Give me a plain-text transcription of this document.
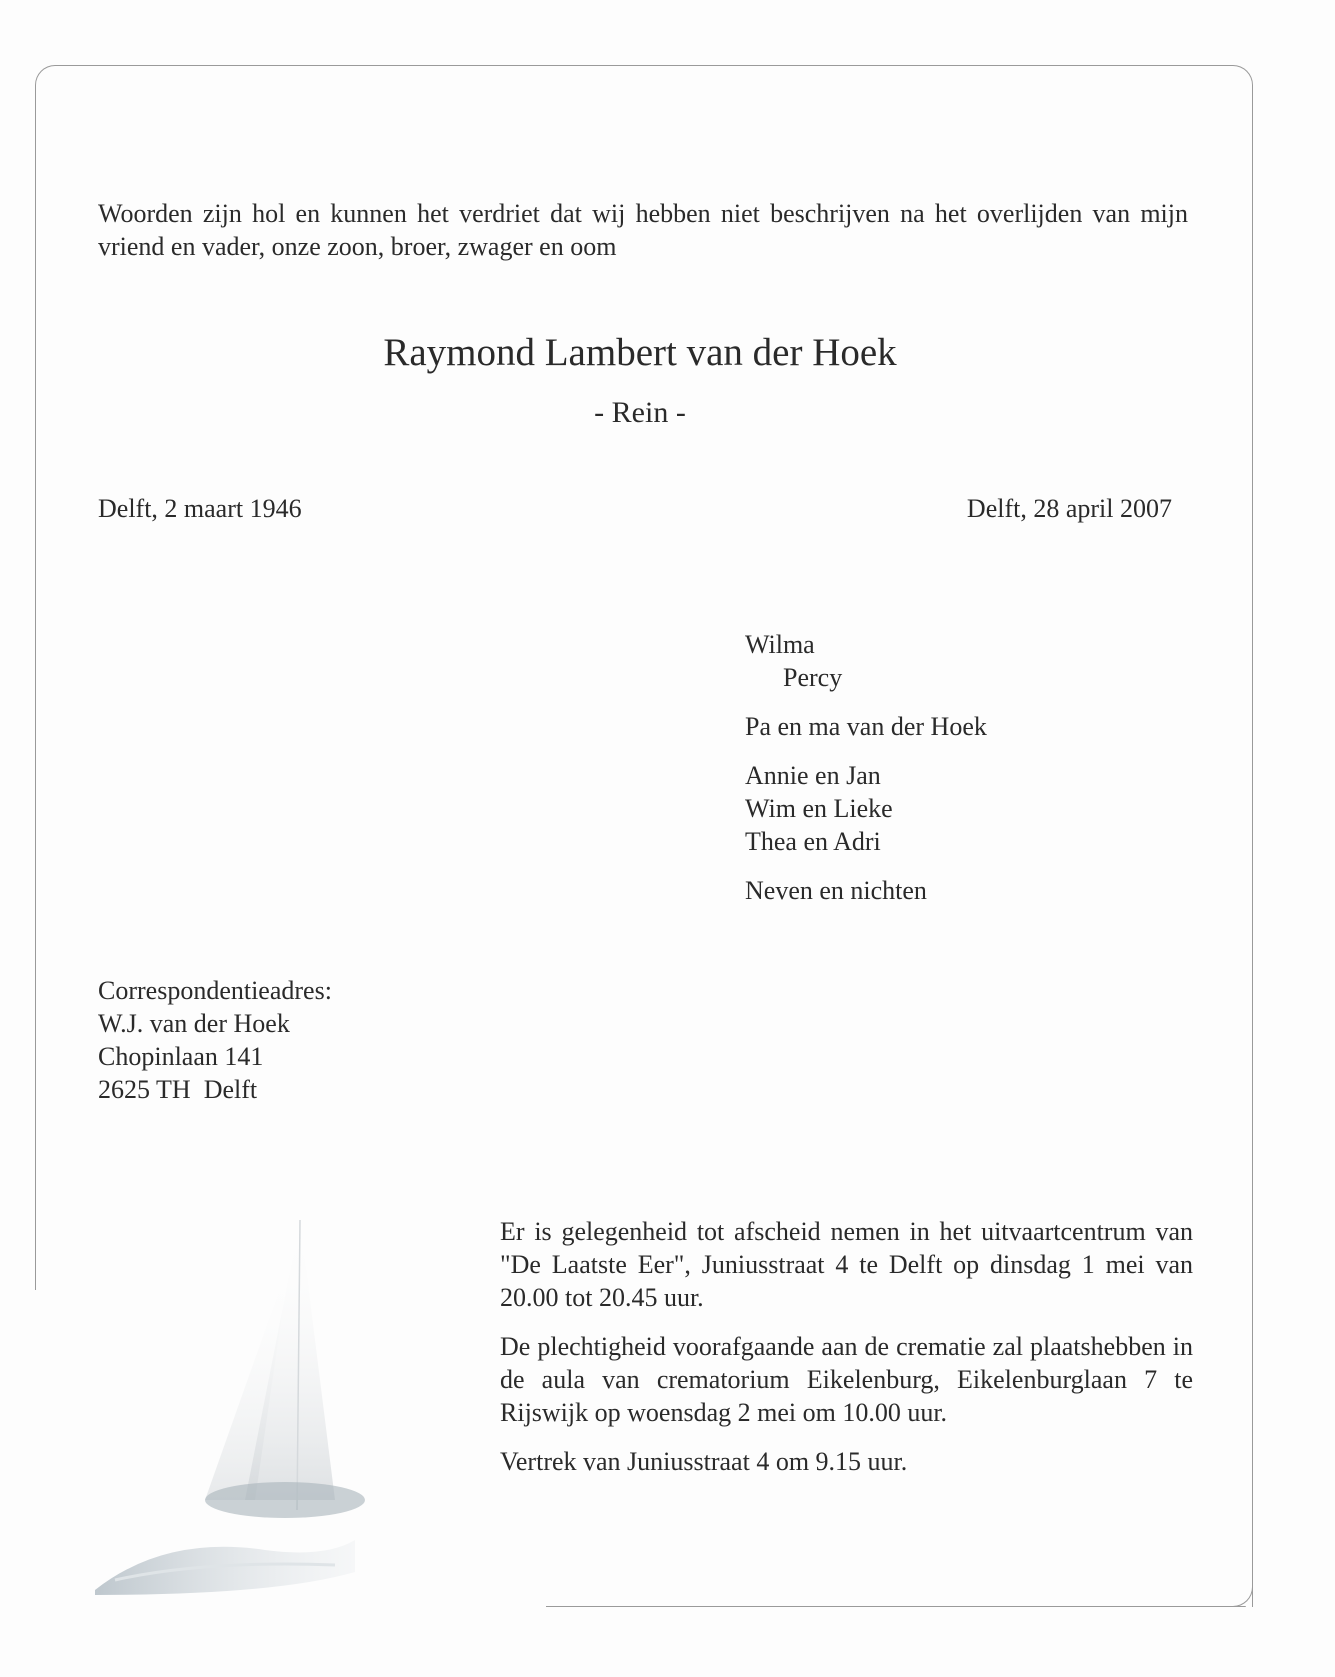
Woorden zijn hol en kunnen het verdriet dat wij hebben niet beschrijven na het overlijden van mijn vriend en vader, onze zoon, broer, zwager en oom
Raymond Lambert van der Hoek
- Rein -
Delft, 2 maart 1946	Delft, 28 april 2007
Wilma
Percy
Pa en ma van der Hoek
Annie en Jan
Wim en Lieke
Thea en Adri
Neven en nichten
Correspondentieadres:
W.J. van der Hoek
Chopinlaan 141
2625 TH  Delft

Er is gelegenheid tot afscheid nemen in het uitvaartcentrum van "De Laatste Eer", Juniusstraat 4 te Delft op dinsdag 1 mei van 20.00 tot 20.45 uur.

De plechtigheid voorafgaande aan de crematie zal plaatshebben in de aula van crematorium Eikelenburg, Eikelenburglaan 7 te Rijswijk op woensdag 2 mei om 10.00 uur.

Vertrek van Juniusstraat 4 om 9.15 uur.
